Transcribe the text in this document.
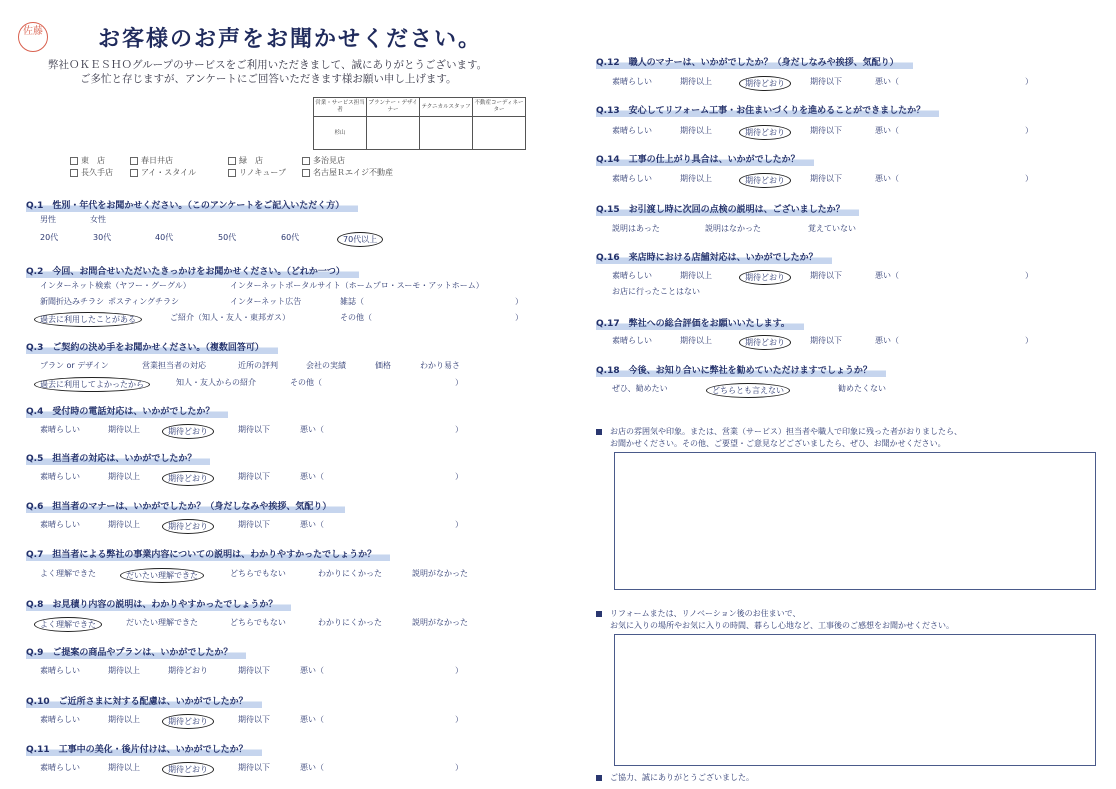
佐藤	お客様のお声をお聞かせください。
弊社ＯＫＥＳＨＯグループのサービスをご利用いただきまして、誠にありがとうございます。
ご多忙と存じますが、アンケートにご回答いただきます様お願い申し上げます。
営業・サービス担当者	プランナー・デザイナー	テクニカルスタッフ	不動産コーディネーター
杉山			
東　店	春日井店	緑　店	多治見店
長久手店	アイ・スタイル	リノキューブ	名古屋Ｒエイジ不動産
Q.1　性別・年代をお聞かせください。（このアンケートをご記入いただく方）
男性	女性
20代	30代	40代	50代	60代	70代以上
Q.2　今回、お問合せいただいたきっかけをお聞かせください。（どれか一つ）
インターネット検索（ヤフー・グーグル）	インターネットポータルサイト（ホームプロ・スーモ・アットホーム）
新聞折込みチラシ ポスティングチラシ	インターネット広告	雑誌（	）
過去に利用したことがある	ご紹介（知人・友人・東邦ガス）	その他（	）
Q.3　ご契約の決め手をお聞かせください。（複数回答可）
プラン or デザイン	営業担当者の対応	近所の評判	会社の実績	価格	わかり易さ
過去に利用してよかったから	知人・友人からの紹介	その他（	）
Q.4　受付時の電話対応は、いかがでしたか？
素晴らしい	期待以上	期待どおり	期待以下	悪い（	）
Q.5　担当者の対応は、いかがでしたか？
素晴らしい	期待以上	期待どおり	期待以下	悪い（	）
Q.6　担当者のマナーは、いかがでしたか？（身だしなみや挨拶、気配り）
素晴らしい	期待以上	期待どおり	期待以下	悪い（	）
Q.7　担当者による弊社の事業内容についての説明は、わかりやすかったでしょうか？
よく理解できた	だいたい理解できた	どちらでもない	わかりにくかった	説明がなかった
Q.8　お見積り内容の説明は、わかりやすかったでしょうか？
よく理解できた	だいたい理解できた	どちらでもない	わかりにくかった	説明がなかった
Q.9　ご提案の商品やプランは、いかがでしたか？
素晴らしい	期待以上	期待どおり	期待以下	悪い（	）
Q.10　ご近所さまに対する配慮は、いかがでしたか？
素晴らしい	期待以上	期待どおり	期待以下	悪い（	）
Q.11　工事中の美化・後片付けは、いかがでしたか？
素晴らしい	期待以上	期待どおり	期待以下	悪い（	）
Q.12　職人のマナーは、いかがでしたか？（身だしなみや挨拶、気配り）
素晴らしい	期待以上	期待どおり	期待以下	悪い（	）
Q.13　安心してリフォーム工事・お住まいづくりを進めることができましたか？
素晴らしい	期待以上	期待どおり	期待以下	悪い（	）
Q.14　工事の仕上がり具合は、いかがでしたか？
素晴らしい	期待以上	期待どおり	期待以下	悪い（	）
Q.15　お引渡し時に次回の点検の説明は、ございましたか？
説明はあった	説明はなかった	覚えていない
Q.16　来店時における店舗対応は、いかがでしたか？
素晴らしい	期待以上	期待どおり	期待以下	悪い（	）
お店に行ったことはない
Q.17　弊社への総合評価をお願いいたします。
素晴らしい	期待以上	期待どおり	期待以下	悪い（	）
Q.18　今後、お知り合いに弊社を勧めていただけますでしょうか？
ぜひ、勧めたい	どちらとも言えない	勧めたくない
お店の雰囲気や印象。または、営業（サービス）担当者や職人で印象に残った者がおりましたら、
お聞かせください。その他、ご要望・ご意見などございましたら、ぜひ、お聞かせください。
リフォームまたは、リノベーション後のお住まいで、
お気に入りの場所やお気に入りの時間、暮らし心地など、工事後のご感想をお聞かせください。
ご協力、誠にありがとうございました。
